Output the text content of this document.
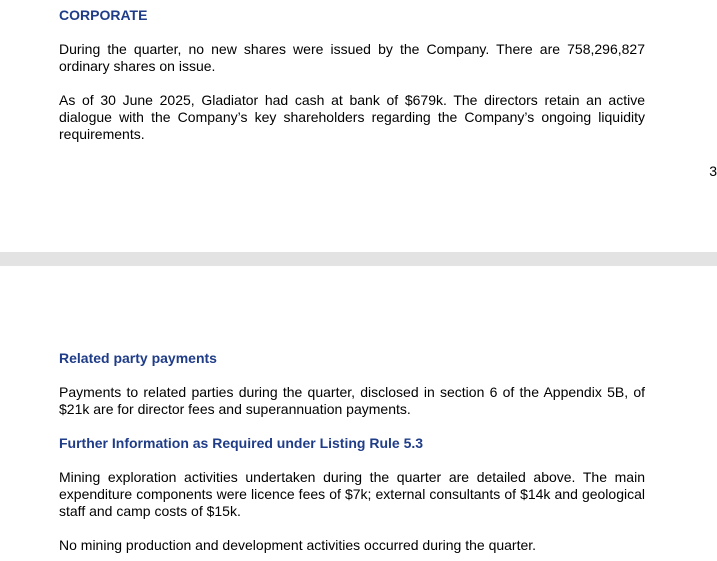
CORPORATE

During the quarter, no new shares were issued by the Company. There are 758,296,827 ordinary shares on issue.

As of 30 June 2025, Gladiator had cash at bank of $679k. The directors retain an active dialogue with the Company’s key shareholders regarding the Company’s ongoing liquidity requirements.

3
Related party payments

Payments to related parties during the quarter, disclosed in section 6 of the Appendix 5B, of $21k are for director fees and superannuation payments.

Further Information as Required under Listing Rule 5.3

Mining exploration activities undertaken during the quarter are detailed above. The main expenditure components were licence fees of $7k; external consultants of $14k and geological staff and camp costs of $15k.

No mining production and development activities occurred during the quarter.
